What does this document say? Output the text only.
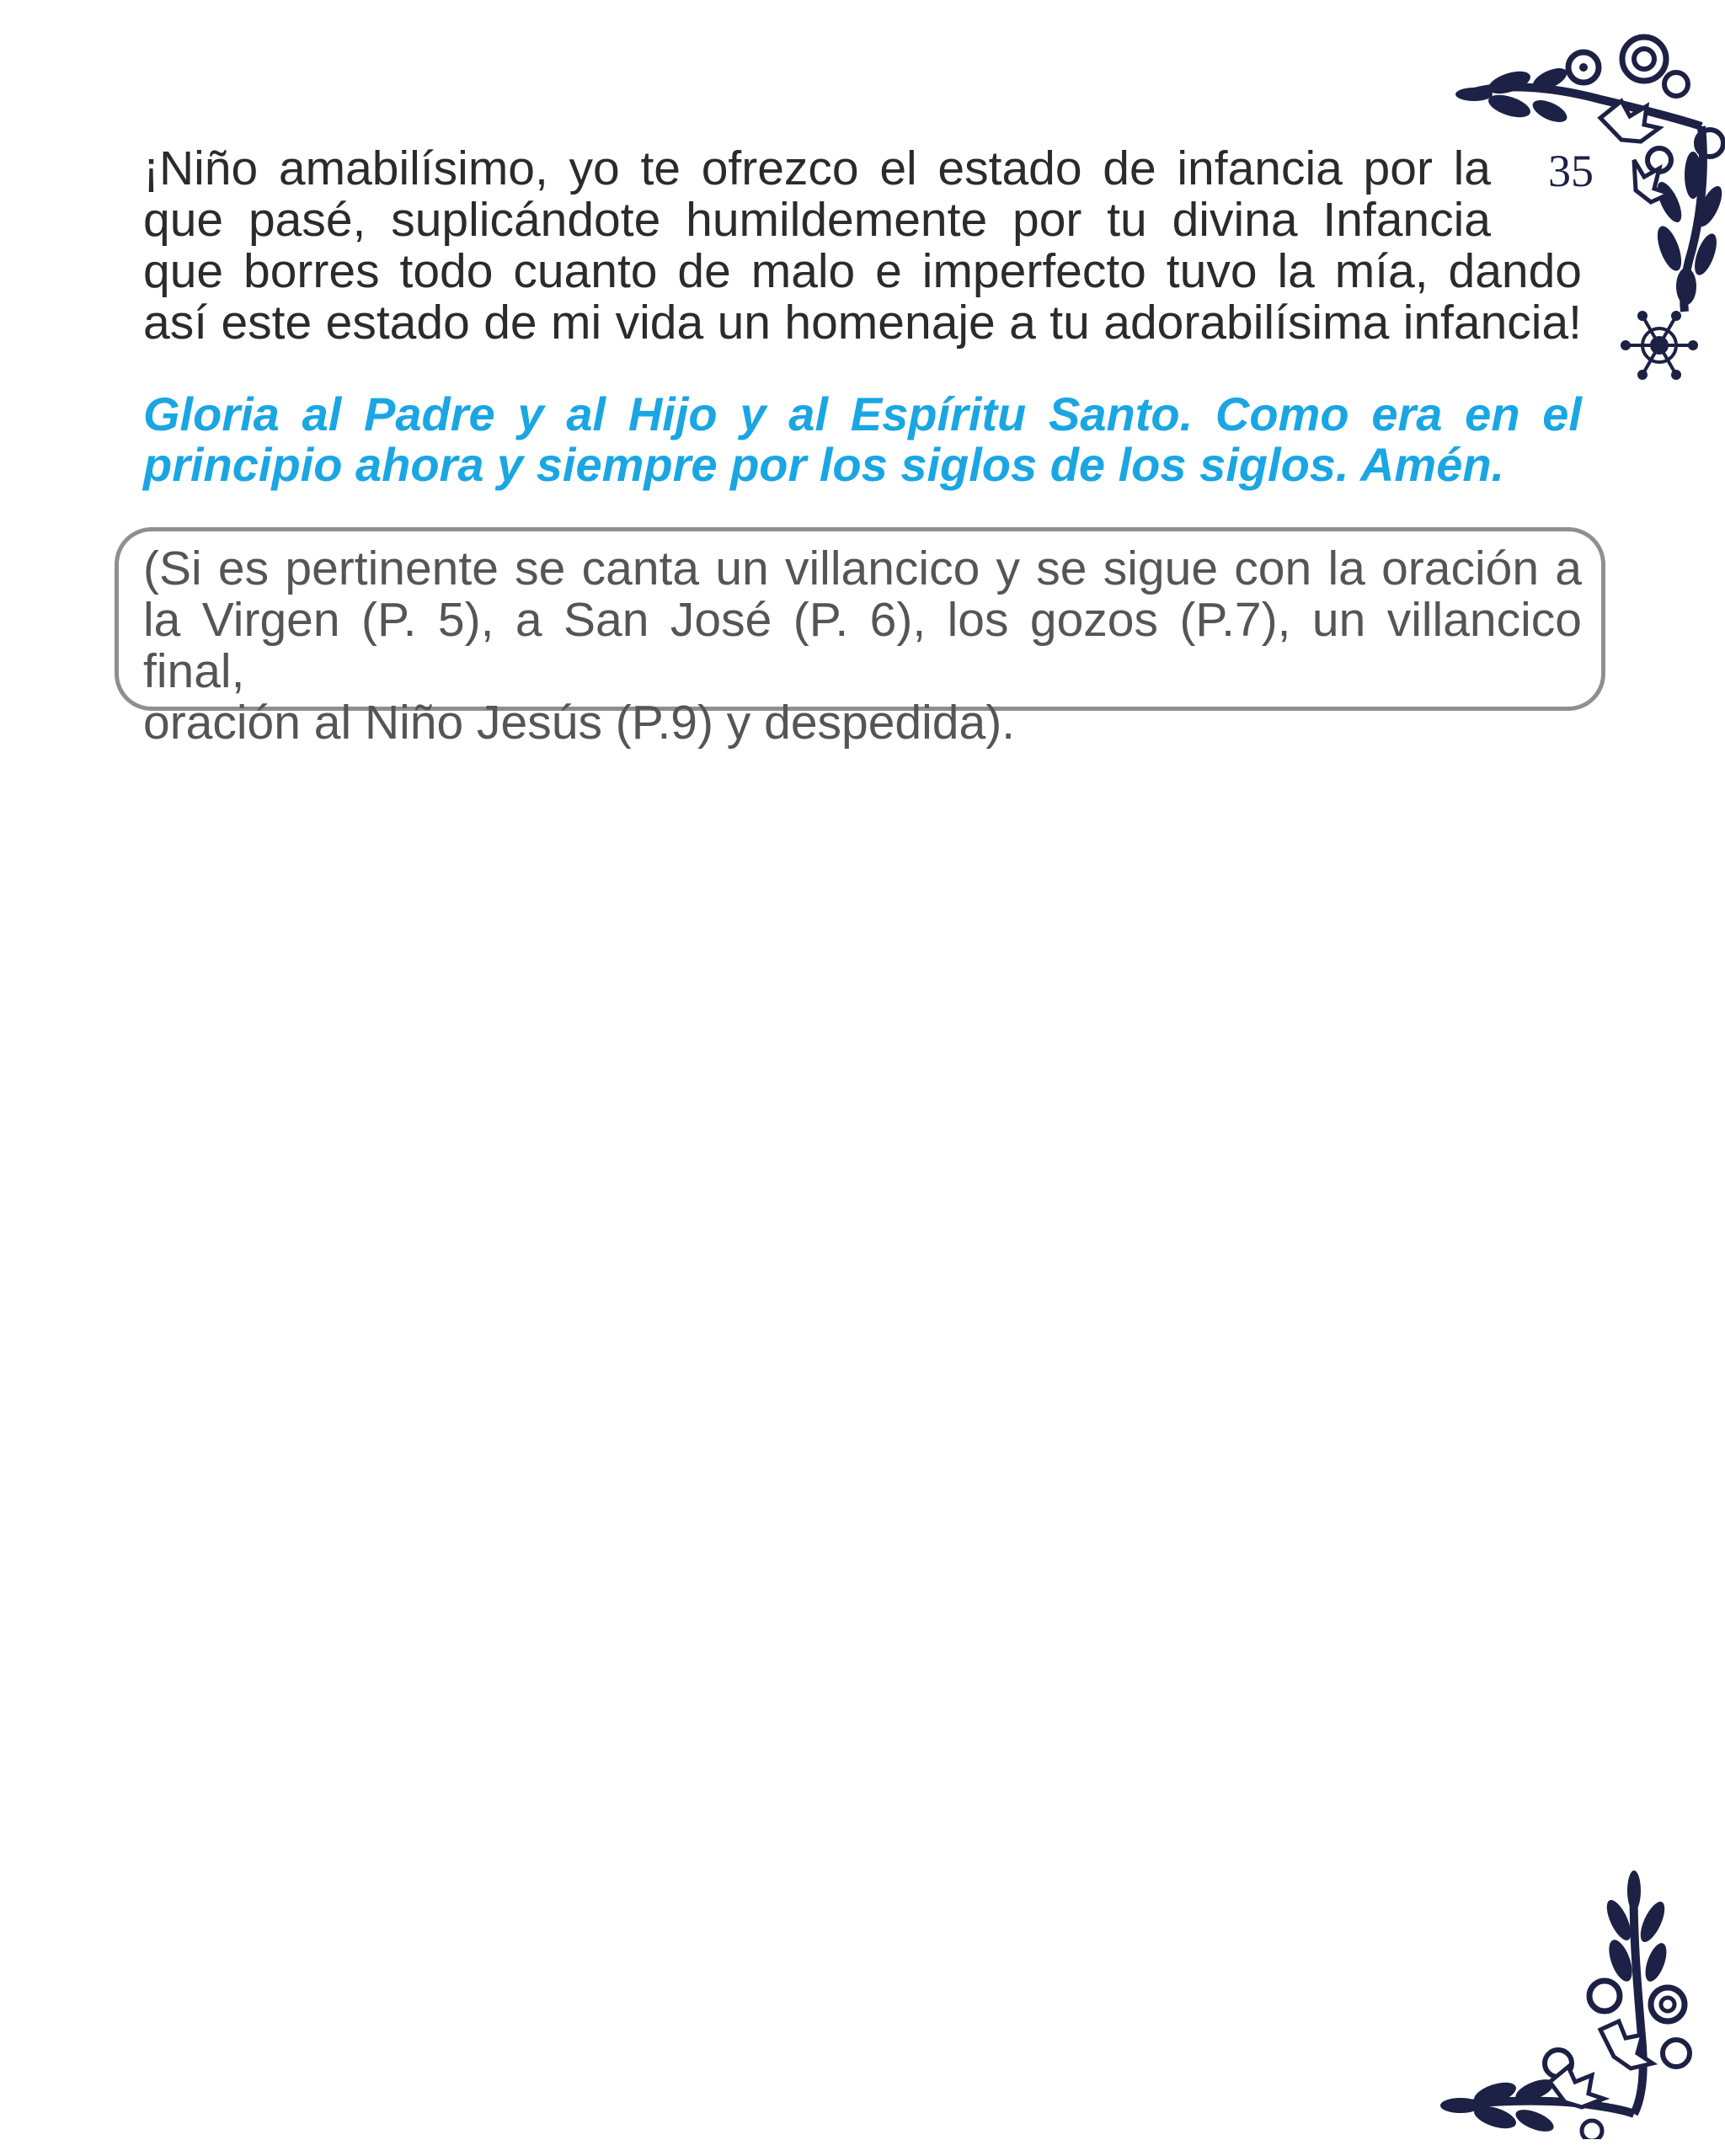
35

¡Niño amabilísimo, yo te ofrezco el estado de infancia por la
que pasé, suplicándote humildemente por tu divina Infancia
que borres todo cuanto de malo e imperfecto tuvo la mía, dando
así este estado de mi vida un homenaje a tu adorabilísima infancia!

Gloria al Padre y al Hijo y al Espíritu Santo. Como era en el
principio ahora y siempre por los siglos de los siglos. Amén.

(Si es pertinente se canta un villancico y se sigue con la oración a
la Virgen (P. 5), a San José (P. 6), los gozos (P.7), un villancico final,
oración al Niño Jesús (P.9) y despedida).
